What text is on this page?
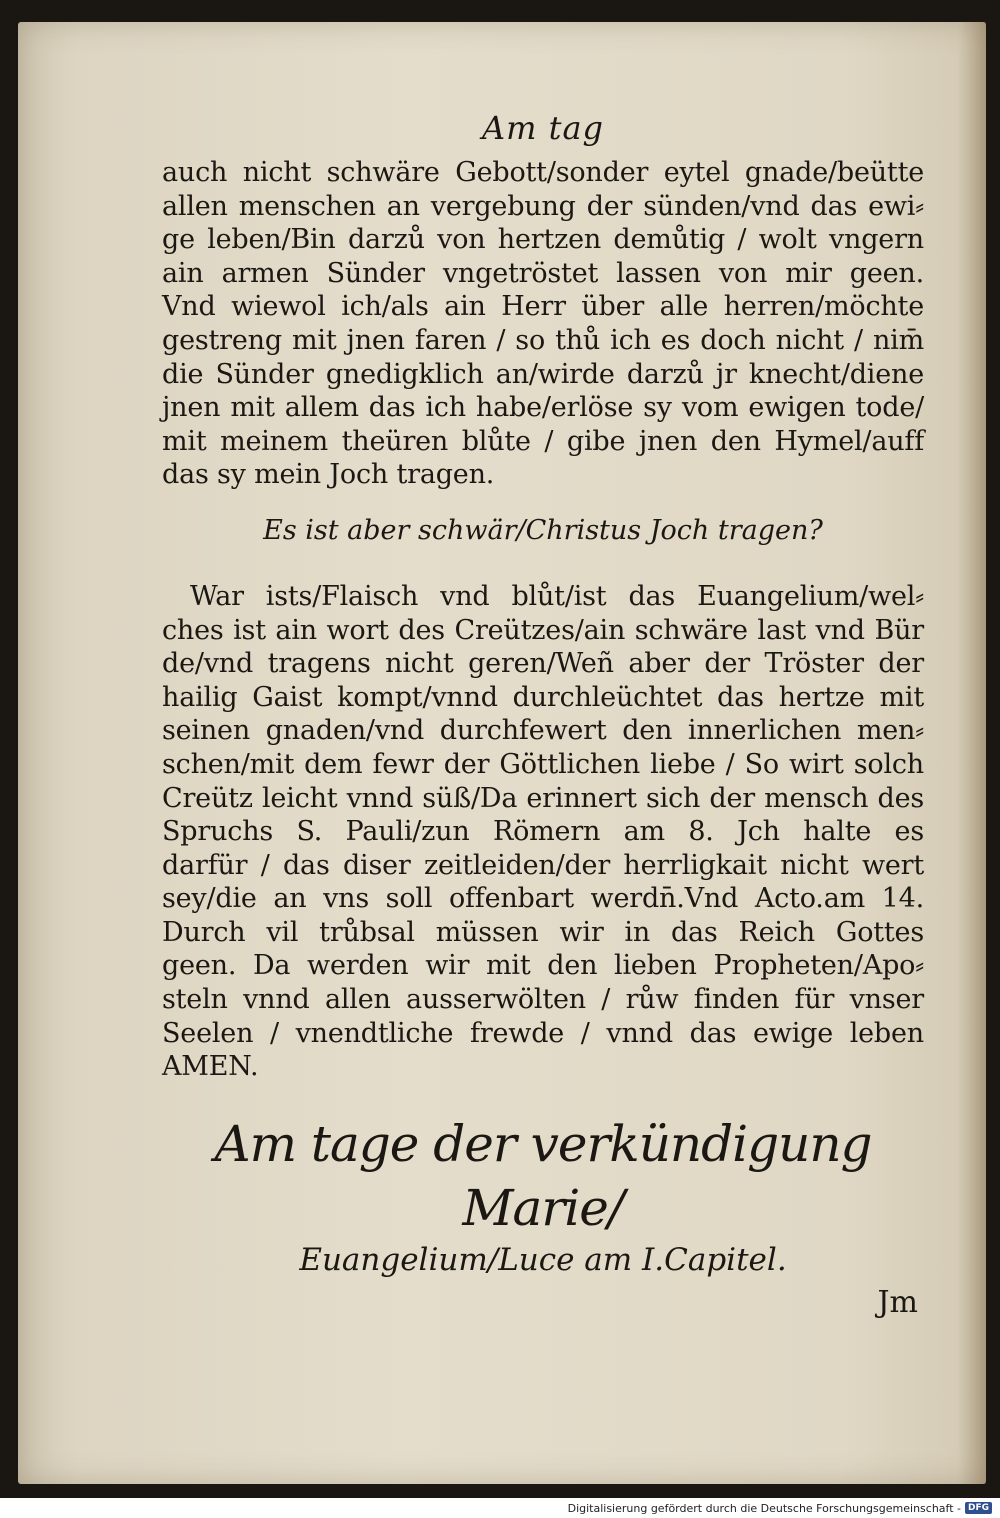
Am tag
auch nicht schwäre Gebott/sonder eytel gnade/beütte
allen menschen an vergebung der sünden/vnd das ewi⸗
ge leben/Bin darzů von hertzen demůtig / wolt vngern
ain armen Sünder vngetröstet lassen von mir geen.
Vnd wiewol ich/als ain Herr über alle herren/möchte
gestreng mit jnen faren / so thů ich es doch nicht / nim̄
die Sünder gnedigklich an/wirde darzů jr knecht/diene
jnen mit allem das ich habe/erlöse sy vom ewigen tode/
mit meinem theüren blůte / gibe jnen den Hymel/auff
das sy mein Joch tragen.
Es ist aber schwär/Christus Joch tragen?
War ists/Flaisch vnd blůt/ist das Euangelium/wel⸗
ches ist ain wort des Creützes/ain schwäre last vnd Bür
de/vnd tragens nicht geren/Weñ aber der Tröster der
hailig Gaist kompt/vnnd durchleüchtet das hertze mit
seinen gnaden/vnd durchfewert den innerlichen men⸗
schen/mit dem fewr der Göttlichen liebe / So wirt solch
Creütz leicht vnnd süß/Da erinnert sich der mensch des
Spruchs S. Pauli/zun Römern am 8. Jch halte es
darfür / das diser zeitleiden/der herrligkait nicht wert
sey/die an vns soll offenbart werdn̄.Vnd Acto.am 14.
Durch vil trůbsal müssen wir in das Reich Gottes
geen. Da werden wir mit den lieben Propheten/Apo⸗
steln vnnd allen ausserwölten / růw finden für vnser
Seelen / vnendtliche frewde / vnnd das ewige leben
AMEN.
Am tage der verkündigung Marie/
Euangelium/Luce am I.Capitel.
Jm
Digitalisierung gefördert durch die Deutsche Forschungsgemeinschaft - DFG
